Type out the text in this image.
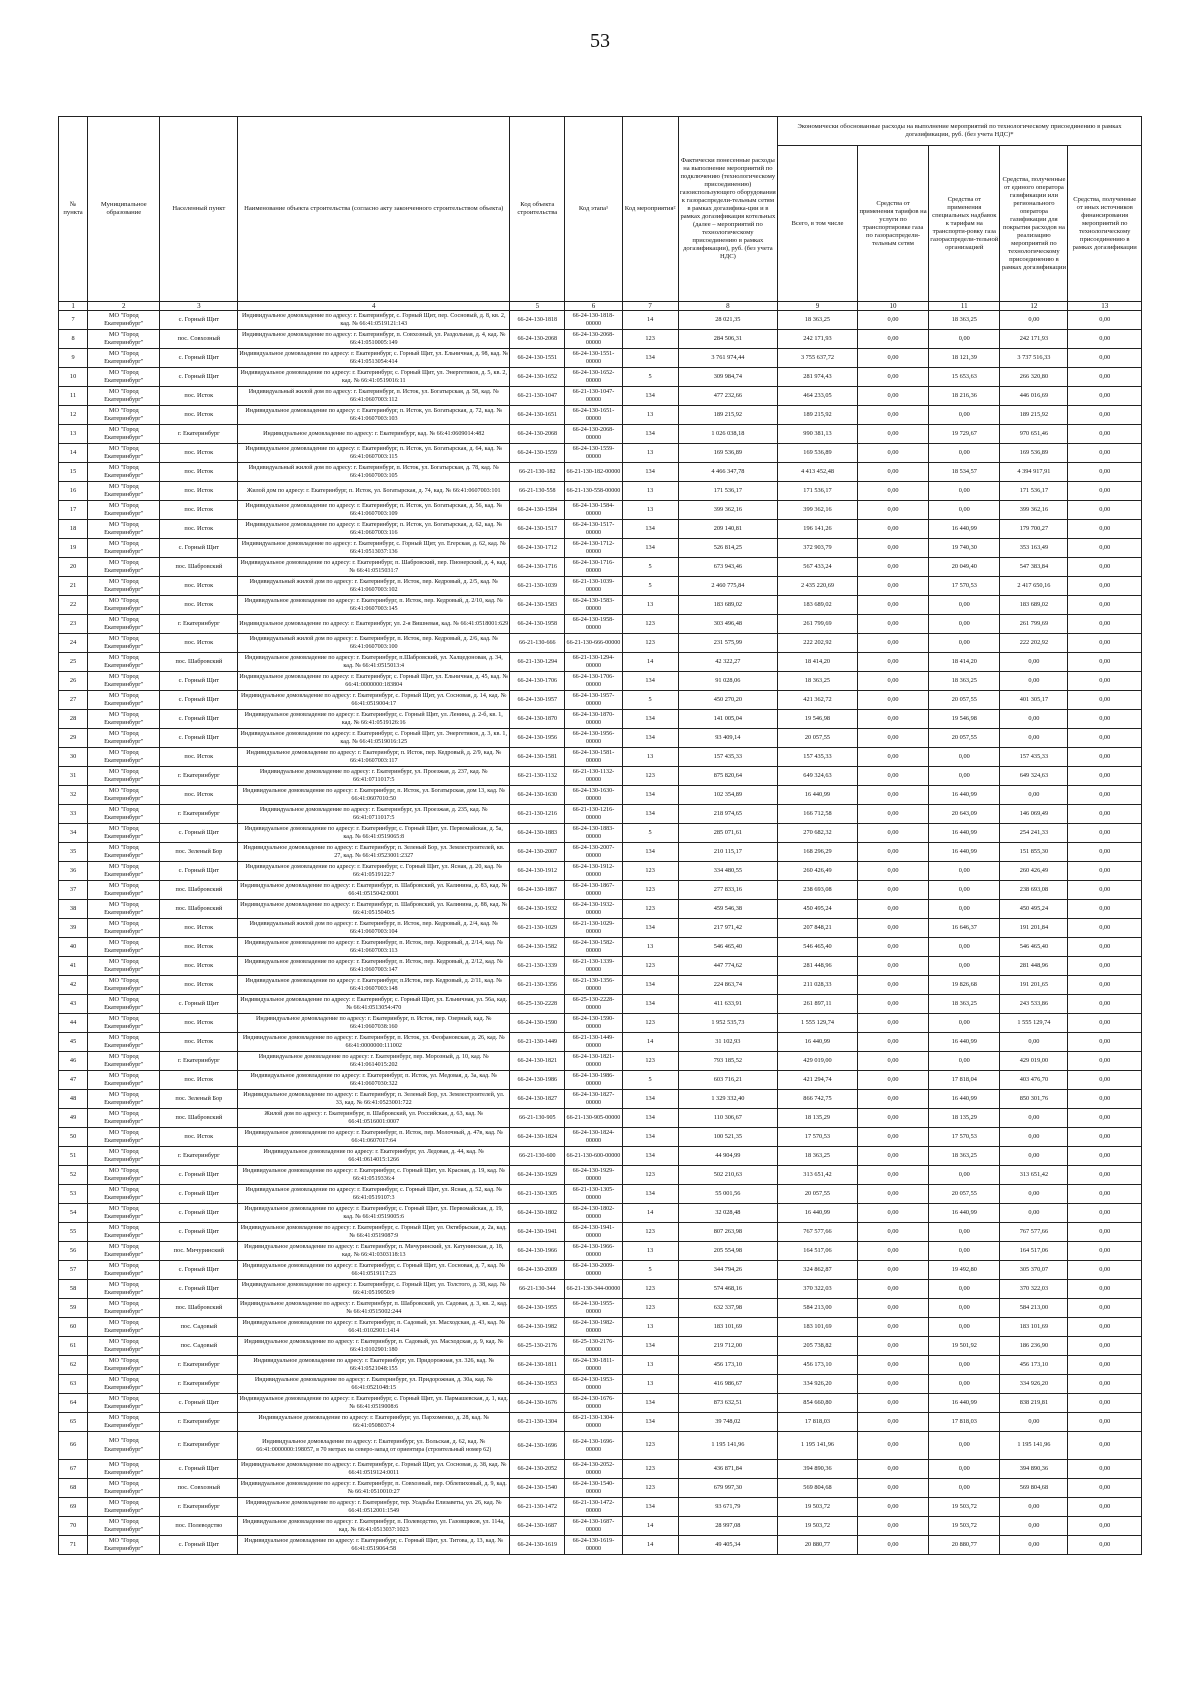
53
№ пункта	Муниципальное образование	Населенный пункт	Наименование объекта строительства (согласно акту законченного строительством объекта)	Код объекта строительства	Код этапа¹	Код мероприятия²	Фактически понесенные расходы на выполнение мероприятий по подключению (технологическому присоединению) газоиспользующего оборудования к газораспредели-тельным сетям в рамках догазифика-ции и в рамках догазификация котельных (далее – мероприятий по технологическому присоединению в рамках догазификации), руб. (без учета НДС)	Экономически обоснованные расходы на выполнение мероприятий по технологическому присоединению в рамках догазификации, руб. (без учета НДС)*				
								Всего, в том числе	Средства от применения тарифов на услуги по транспортировке газа по газораспредели-тельным сетям	Средства от применения специальных надбавок к тарифам на транспорти-ровку газа газораспредели-тельной организацией	Средства, полученные от единого оператора газификации или регионального оператора газификации для покрытия расходов на реализацию мероприятий по технологическому присоединению в рамках догазификации	Средства, полученные от иных источников финансирования мероприятий по технологическому присоединению в рамках догазификации
1	2	3	4	5	6	7	8	9	10	11	12	13
7	МО "Город Екатеринбург"	с. Горный Щит	Индивидуальное домовладение по адресу: г. Екатеринбург, с. Горный Щит, пер. Сосновый, д. 8, кв. 2, кад. № 66:41:0519121:143	66-24-130-1818	66-24-130-1818-00000	14	28 021,35	18 363,25	0,00	18 363,25	0,00	0,00
8	МО "Город Екатеринбург"	пос. Совхозный	Индивидуальное домовладение по адресу: г. Екатеринбург, п. Совхозный, ул. Раздольная, д. 4, кад. № 66:41:0510005:149	66-24-130-2068	66-24-130-2068-00000	123	284 506,31	242 171,93	0,00	0,00	242 171,93	0,00
9	МО "Город Екатеринбург"	с. Горный Щит	Индивидуальное домовладение по адресу: г. Екатеринбург, с. Горный Щит, ул. Ельничная, д. 98, кад. № 66:41:0513054:414	66-24-130-1551	66-24-130-1551-00000	134	3 761 974,44	3 755 637,72	0,00	18 121,39	3 737 516,33	0,00
10	МО "Город Екатеринбург"	с. Горный Щит	Индивидуальное домовладение по адресу: г. Екатеринбург, с. Горный Щит, ул. Энергетиков, д. 5, кв. 2, кад. № 66:41:0519016:11	66-24-130-1652	66-24-130-1652-00000	5	309 984,74	281 974,43	0,00	15 653,63	266 320,80	0,00
11	МО "Город Екатеринбург"	пос. Исток	Индивидуальный жилой дом по адресу: г. Екатеринбург, п. Исток, ул. Богатырская, д. 58, кад. № 66:41:0607003:112	66-21-130-1047	66-21-130-1047-00000	134	477 232,66	464 233,05	0,00	18 216,36	446 016,69	0,00
12	МО "Город Екатеринбург"	пос. Исток	Индивидуальное домовладение по адресу: г. Екатеринбург, п. Исток, ул. Богатырская, д. 72, кад. № 66:41:0607003:103	66-24-130-1651	66-24-130-1651-00000	13	189 215,92	189 215,92	0,00	0,00	189 215,92	0,00
13	МО "Город Екатеринбург"	г. Екатеринбург	Индивидуальное домовладение по адресу: г. Екатеринбург, кад. № 66:41:0609014:482	66-24-130-2068	66-24-130-2068-00000	134	1 026 038,18	990 381,13	0,00	19 729,67	970 651,46	0,00
14	МО "Город Екатеринбург"	пос. Исток	Индивидуальное домовладение по адресу: г. Екатеринбург, п. Исток, ул. Богатырская, д. 64, кад. № 66:41:0607003:115	66-24-130-1559	66-24-130-1559-00000	13	169 536,89	169 536,89	0,00	0,00	169 536,89	0,00
15	МО "Город Екатеринбург"	пос. Исток	Индивидуальный жилой дом по адресу: г. Екатеринбург, п. Исток, ул. Богатырская, д. 78, кад. № 66:41:0607003:105	66-21-130-182	66-21-130-182-00000	134	4 466 347,78	4 413 452,48	0,00	18 534,57	4 394 917,91	0,00
16	МО "Город Екатеринбург"	пос. Исток	Жилой дом по адресу: г. Екатеринбург, п. Исток, ул. Богатырская, д. 74, кад. № 66:41:0607003:101	66-21-130-558	66-21-130-558-00000	13	171 536,17	171 536,17	0,00	0,00	171 536,17	0,00
17	МО "Город Екатеринбург"	пос. Исток	Индивидуальное домовладение по адресу: г. Екатеринбург, п. Исток, ул. Богатырская, д. 56, кад. № 66:41:0607003:109	66-24-130-1584	66-24-130-1584-00000	13	399 362,16	399 362,16	0,00	0,00	399 362,16	0,00
18	МО "Город Екатеринбург"	пос. Исток	Индивидуальное домовладение по адресу: г. Екатеринбург, п. Исток, ул. Богатырская, д. 62, кад. № 66:41:0607003:116	66-24-130-1517	66-24-130-1517-00000	134	209 140,81	196 141,26	0,00	16 440,99	179 700,27	0,00
19	МО "Город Екатеринбург"	с. Горный Щит	Индивидуальное домовладение по адресу: г. Екатеринбург, с. Горный Щит, ул. Егерская, д. 62, кад. № 66:41:0513037:136	66-24-130-1712	66-24-130-1712-00000	134	526 814,25	372 903,79	0,00	19 740,30	353 163,49	0,00
20	МО "Город Екатеринбург"	пос. Шабровский	Индивидуальное домовладение по адресу: г. Екатеринбург, п. Шабровский, пер. Пионерский, д. 4, кад. № 66:41:0515031:7	66-24-130-1716	66-24-130-1716-00000	5	673 943,46	567 433,24	0,00	20 049,40	547 383,84	0,00
21	МО "Город Екатеринбург"	пос. Исток	Индивидуальный жилой дом по адресу: г. Екатеринбург, п. Исток, пер. Кедровый, д. 2/5, кад. № 66:41:0607003:102	66-21-130-1039	66-21-130-1039-00000	5	2 460 775,84	2 435 220,69	0,00	17 570,53	2 417 650,16	0,00
22	МО "Город Екатеринбург"	пос. Исток	Индивидуальное домовладение по адресу: г. Екатеринбург, п. Исток, пер. Кедровый, д. 2/10, кад. № 66:41:0607003:145	66-24-130-1583	66-24-130-1583-00000	13	183 689,02	183 689,02	0,00	0,00	183 689,02	0,00
23	МО "Город Екатеринбург"	г. Екатеринбург	Индивидуальное домовладение по адресу: г. Екатеринбург, ул. 2-я Вишневая, кад. № 66:41:0518001:629	66-24-130-1958	66-24-130-1958-00000	123	303 496,48	261 799,69	0,00	0,00	261 799,69	0,00
24	МО "Город Екатеринбург"	пос. Исток	Индивидуальный жилой дом по адресу: г. Екатеринбург, п. Исток, пер. Кедровый, д. 2/6, кад. № 66:41:0607003:100	66-21-130-666	66-21-130-666-00000	123	231 575,99	222 202,92	0,00	0,00	222 202,92	0,00
25	МО "Город Екатеринбург"	пос. Шабровский	Индивидуальное домовладение по адресу: г. Екатеринбург, п.Шабровский, ул. Халцедоновая, д. 34, кад. № 66:41:0515013:4	66-21-130-1294	66-21-130-1294-00000	14	42 322,27	18 414,20	0,00	18 414,20	0,00	0,00
26	МО "Город Екатеринбург"	с. Горный Щит	Индивидуальное домовладение по адресу: г. Екатеринбург, с. Горный Щит, ул. Ельничная, д. 45, кад. № 66:41:0000000:183804	66-24-130-1706	66-24-130-1706-00000	134	91 028,06	18 363,25	0,00	18 363,25	0,00	0,00
27	МО "Город Екатеринбург"	с. Горный Щит	Индивидуальное домовладение по адресу: г. Екатеринбург, с. Горный Щит, ул. Сосновая, д. 14, кад. № 66:41:0519004:17	66-24-130-1957	66-24-130-1957-00000	5	450 270,20	421 362,72	0,00	20 057,55	401 305,17	0,00
28	МО "Город Екатеринбург"	с. Горный Щит	Индивидуальное домовладение по адресу: г. Екатеринбург, с. Горный Щит, ул. Ленина, д. 2-б, кв. 1, кад. № 66:41:0519126:16	66-24-130-1870	66-24-130-1870-00000	134	141 005,04	19 546,98	0,00	19 546,98	0,00	0,00
29	МО "Город Екатеринбург"	с. Горный Щит	Индивидуальное домовладение по адресу: г. Екатеринбург, с. Горный Щит, ул. Энергетиков, д. 3, кв. 1, кад. № 66:41:0519016:125	66-24-130-1956	66-24-130-1956-00000	134	93 409,14	20 057,55	0,00	20 057,55	0,00	0,00
30	МО "Город Екатеринбург"	пос. Исток	Индивидуальное домовладение по адресу: г. Екатеринбург, п. Исток, пер. Кедровый, д. 2/9, кад. № 66:41:0607003:117	66-24-130-1581	66-24-130-1581-00000	13	157 435,33	157 435,33	0,00	0,00	157 435,33	0,00
31	МО "Город Екатеринбург"	г. Екатеринбург	Индивидуальное домовладение по адресу: г. Екатеринбург, ул. Проезжая, д. 237, кад. № 66:41:0711017:5	66-21-130-1132	66-21-130-1132-00000	123	875 820,64	649 324,63	0,00	0,00	649 324,63	0,00
32	МО "Город Екатеринбург"	пос. Исток	Индивидуальное домовладение по адресу: г. Екатеринбург, п. Исток, ул. Богатырская, дом 13, кад. № 66:41:0607010:50	66-24-130-1630	66-24-130-1630-00000	134	102 354,89	16 440,99	0,00	16 440,99	0,00	0,00
33	МО "Город Екатеринбург"	г. Екатеринбург	Индивидуальное домовладение по адресу: г. Екатеринбург, ул. Проезжая, д. 235, кад. № 66:41:0711017:5	66-21-130-1216	66-21-130-1216-00000	134	218 974,65	166 712,58	0,00	20 643,09	146 069,49	0,00
34	МО "Город Екатеринбург"	с. Горный Щит	Индивидуальное домовладение по адресу: г. Екатеринбург, с. Горный Щит, ул. Первомайская, д. 5а, кад. № 66:41:0519065:8	66-24-130-1883	66-24-130-1883-00000	5	285 071,61	270 682,32	0,00	16 440,99	254 241,33	0,00
35	МО "Город Екатеринбург"	пос. Зеленый Бор	Индивидуальное домовладение по адресу: г. Екатеринбург, п. Зеленый Бор, ул. Землестроителей, кв. 27, кад. № 66:41:0523001:2327	66-24-130-2007	66-24-130-2007-00000	134	210 115,17	168 296,29	0,00	16 440,99	151 855,30	0,00
36	МО "Город Екатеринбург"	с. Горный Щит	Индивидуальное домовладение по адресу: г. Екатеринбург, с. Горный Щит, ул. Ясная, д. 20, кад. № 66:41:0519122:7	66-24-130-1912	66-24-130-1912-00000	123	334 480,55	260 426,49	0,00	0,00	260 426,49	0,00
37	МО "Город Екатеринбург"	пос. Шабровский	Индивидуальное домовладение по адресу: г. Екатеринбург, п. Шабровский, ул. Калинина, д. 83, кад. № 66:41:0515042:0001	66-24-130-1867	66-24-130-1867-00000	123	277 833,16	238 693,08	0,00	0,00	238 693,08	0,00
38	МО "Город Екатеринбург"	пос. Шабровский	Индивидуальное домовладение по адресу: г. Екатеринбург, п. Шабровский, ул. Калинина, д. 88, кад. № 66:41:0515040:5	66-24-130-1932	66-24-130-1932-00000	123	459 546,38	450 495,24	0,00	0,00	450 495,24	0,00
39	МО "Город Екатеринбург"	пос. Исток	Индивидуальный жилой дом по адресу: г. Екатеринбург, п. Исток, пер. Кедровый, д. 2/4, кад. № 66:41:0607003:104	66-21-130-1029	66-21-130-1029-00000	134	217 971,42	207 848,21	0,00	16 646,37	191 201,84	0,00
40	МО "Город Екатеринбург"	пос. Исток	Индивидуальное домовладение по адресу: г. Екатеринбург, п. Исток, пер. Кедровый, д. 2/14, кад. № 66:41:0607003:113	66-24-130-1582	66-24-130-1582-00000	13	546 465,40	546 465,40	0,00	0,00	546 465,40	0,00
41	МО "Город Екатеринбург"	пос. Исток	Индивидуальное домовладение по адресу: г. Екатеринбург, п. Исток, пер. Кедровый, д. 2/12, кад. № 66:41:0607003:147	66-21-130-1339	66-21-130-1339-00000	123	447 774,62	281 448,96	0,00	0,00	281 448,96	0,00
42	МО "Город Екатеринбург"	пос. Исток	Индивидуальное домовладение по адресу: г. Екатеринбург, п.Исток, пер. Кедровый, д. 2/11, кад. № 66:41:0607003:148	66-21-130-1356	66-21-130-1356-00000	134	224 863,74	211 028,33	0,00	19 826,68	191 201,65	0,00
43	МО "Город Екатеринбург"	с. Горный Щит	Индивидуальное домовладение по адресу: г. Екатеринбург, с. Горный Щит, ул. Ельничная, ул. 56а, кад. № 66:41:0513054:470	66-25-130-2228	66-25-130-2228-00000	134	411 633,91	261 897,11	0,00	18 363,25	243 533,86	0,00
44	МО "Город Екатеринбург"	пос. Исток	Индивидуальное домовладение по адресу: г. Екатеринбург, п. Исток, пер. Озерный, кад. № 66:41:0607038:160	66-24-130-1590	66-24-130-1590-00000	123	1 952 535,73	1 555 129,74	0,00	0,00	1 555 129,74	0,00
45	МО "Город Екатеринбург"	пос. Исток	Индивидуальное домовладение по адресу: г. Екатеринбург, п. Исток, ул. Феофановская, д. 26, кад. № 66:41:0000000:111002	66-21-130-1449	66-21-130-1449-00000	14	31 102,93	16 440,99	0,00	16 440,99	0,00	0,00
46	МО "Город Екатеринбург"	г. Екатеринбург	Индивидуальное домовладение по адресу: г. Екатеринбург, пер. Морозный, д. 10, кад. № 66:41:0614015:202	66-24-130-1821	66-24-130-1821-00000	123	793 185,52	429 019,00	0,00	0,00	429 019,00	0,00
47	МО "Город Екатеринбург"	пос. Исток	Индивидуальное домовладение по адресу: г. Екатеринбург, п. Исток, ул. Медовая, д. 3а, кад. № 66:41:0607030:322	66-24-130-1986	66-24-130-1986-00000	5	603 716,21	421 294,74	0,00	17 818,04	403 476,70	0,00
48	МО "Город Екатеринбург"	пос. Зеленый Бор	Индивидуальное домовладение по адресу: г. Екатеринбург, п. Зеленый Бор, ул. Землестроителей, ул. 33, кад. № 66:41:0523001:722	66-24-130-1827	66-24-130-1827-00000	134	1 329 332,40	866 742,75	0,00	16 440,99	850 301,76	0,00
49	МО "Город Екатеринбург"	пос. Шабровский	Жилой дом по адресу: г. Екатеринбург, п. Шабровский, ул. Российская, д. 63, кад. № 66:41:0516001:0007	66-21-130-905	66-21-130-905-00000	134	110 306,67	18 135,29	0,00	18 135,29	0,00	0,00
50	МО "Город Екатеринбург"	пос. Исток	Индивидуальное домовладение по адресу: г. Екатеринбург, п. Исток, пер. Молочный, д. 47в, кад. № 66:41:0607017:64	66-24-130-1824	66-24-130-1824-00000	134	100 521,35	17 570,53	0,00	17 570,53	0,00	0,00
51	МО "Город Екатеринбург"	г. Екатеринбург	Индивидуальное домовладение по адресу: г. Екатеринбург, ул. Ледовая, д. 44, кад. № 66:41:0614015:1266	66-21-130-600	66-21-130-600-00000	134	44 904,99	18 363,25	0,00	18 363,25	0,00	0,00
52	МО "Город Екатеринбург"	с. Горный Щит	Индивидуальное домовладение по адресу: г. Екатеринбург, с. Горный Щит, ул. Красная, д. 19, кад. № 66:41:0519336:4	66-24-130-1929	66-24-130-1929-00000	123	502 210,63	313 651,42	0,00	0,00	313 651,42	0,00
53	МО "Город Екатеринбург"	с. Горный Щит	Индивидуальное домовладение по адресу: г. Екатеринбург, с. Горный Щит, ул. Ясная, д. 52, кад. № 66:41:0519107:3	66-21-130-1305	66-21-130-1305-00000	134	55 001,56	20 057,55	0,00	20 057,55	0,00	0,00
54	МО "Город Екатеринбург"	с. Горный Щит	Индивидуальное домовладение по адресу: г. Екатеринбург, с. Горный Щит, ул. Первомайская, д. 19, кад. № 66:41:0519005:6	66-24-130-1802	66-24-130-1802-00000	14	32 028,48	16 440,99	0,00	16 440,99	0,00	0,00
55	МО "Город Екатеринбург"	с. Горный Щит	Индивидуальное домовладение по адресу: г. Екатеринбург, с. Горный Щит, ул. Октябрьская, д. 2а, кад. № 66:41:0519087:9	66-24-130-1941	66-24-130-1941-00000	123	807 263,98	767 577,66	0,00	0,00	767 577,66	0,00
56	МО "Город Екатеринбург"	пос. Мичуринский	Индивидуальное домовладение по адресу: г. Екатеринбург, п. Мичуринский, ул. Катунинская, д. 18, кад. № 66:41:0303118:13	66-24-130-1966	66-24-130-1966-00000	13	205 554,98	164 517,06	0,00	0,00	164 517,06	0,00
57	МО "Город Екатеринбург"	с. Горный Щит	Индивидуальное домовладение по адресу: г. Екатеринбург, с. Горный Щит, ул. Сосновая, д. 7, кад. № 66:41:0519117:23	66-24-130-2009	66-24-130-2009-00000	5	344 794,26	324 862,87	0,00	19 492,80	305 370,07	0,00
58	МО "Город Екатеринбург"	с. Горный Щит	Индивидуальное домовладение по адресу: г. Екатеринбург, с. Горный Щит, ул. Толстого, д. 38, кад. № 66:41:0519050:9	66-21-130-344	66-21-130-344-00000	123	574 468,16	370 322,03	0,00	0,00	370 322,03	0,00
59	МО "Город Екатеринбург"	пос. Шабровский	Индивидуальное домовладение по адресу: г. Екатеринбург, п. Шабровский, ул. Садовая, д. 3, кв. 2, кад. № 66:41:0515002:244	66-24-130-1955	66-24-130-1955-00000	123	632 337,98	584 213,00	0,00	0,00	584 213,00	0,00
60	МО "Город Екатеринбург"	пос. Садовый	Индивидуальное домовладение по адресу: г. Екатеринбург, п. Садовый, ул. Масходская, д. 43, кад. № 66:41:0102901:1414	66-24-130-1982	66-24-130-1982-00000	13	183 101,69	183 101,69	0,00	0,00	183 101,69	0,00
61	МО "Город Екатеринбург"	пос. Садовый	Индивидуальное домовладение по адресу: г. Екатеринбург, п. Садовый, ул. Масходская, д. 9, кад. № 66:41:0102901:180	66-25-130-2176	66-25-130-2176-00000	134	219 712,00	205 738,82	0,00	19 501,92	186 236,90	0,00
62	МО "Город Екатеринбург"	г. Екатеринбург	Индивидуальное домовладение по адресу: г. Екатеринбург, ул. Придорожная, ул. 326, кад. № 66:41:0521048:155	66-24-130-1811	66-24-130-1811-00000	13	456 173,10	456 173,10	0,00	0,00	456 173,10	0,00
63	МО "Город Екатеринбург"	г. Екатеринбург	Индивидуальное домовладение по адресу: г. Екатеринбург, ул. Придорожная, д. 30а, кад. № 66:41:0521048:15	66-24-130-1953	66-24-130-1953-00000	13	416 986,67	334 926,20	0,00	0,00	334 926,20	0,00
64	МО "Город Екатеринбург"	с. Горный Щит	Индивидуальное домовладение по адресу: г. Екатеринбург, с. Горный Щит, ул. Пармашевская, д. 1, кад. № 66:41:0519008:6	66-24-130-1676	66-24-130-1676-00000	134	873 632,51	854 660,80	0,00	16 440,99	838 219,81	0,00
65	МО "Город Екатеринбург"	г. Екатеринбург	Индивидуальное домовладение по адресу: г. Екатеринбург, ул. Пархоменко, д. 28, кад. № 66:41:0508037:4	66-21-130-1304	66-21-130-1304-00000	134	39 748,02	17 818,03	0,00	17 818,03	0,00	0,00
66	МО "Город Екатеринбург"	г. Екатеринбург	Индивидуальное домовладение по адресу: г. Екатеринбург, ул. Вольская, д. 62, кад. № 66:41:0000000:198057, в 70 метрах на северо-запад от ориентира (строительный номер 62)	66-24-130-1696	66-24-130-1696-00000	123	1 195 141,96	1 195 141,96	0,00	0,00	1 195 141,96	0,00
67	МО "Город Екатеринбург"	с. Горный Щит	Индивидуальное домовладение по адресу: г. Екатеринбург, с. Горный Щит, ул. Сосновая, д. 38, кад. № 66:41:0519124:0011	66-24-130-2052	66-24-130-2052-00000	123	436 871,84	394 890,36	0,00	0,00	394 890,36	0,00
68	МО "Город Екатеринбург"	пос. Совхозный	Индивидуальное домовладение по адресу: г. Екатеринбург, п. Совхозный, пер. Облепиховый, д. 9, кад. № 66:41:0510010:27	66-24-130-1540	66-24-130-1540-00000	123	679 997,30	569 804,68	0,00	0,00	569 804,68	0,00
69	МО "Город Екатеринбург"	г. Екатеринбург	Индивидуальное домовладение по адресу: г. Екатеринбург, тер. Усадьбы Елизаветы, ул. 26, кад. № 66:41:0512001:1549	66-21-130-1472	66-21-130-1472-00000	134	93 671,79	19 503,72	0,00	19 503,72	0,00	0,00
70	МО "Город Екатеринбург"	пос. Полеводство	Индивидуальное домовладение по адресу: г. Екатеринбург, п. Полеводство, ул. Газовщиков, ул. 114а, кад. № 66:41:0513037:1023	66-24-130-1687	66-24-130-1687-00000	14	28 997,08	19 503,72	0,00	19 503,72	0,00	0,00
71	МО "Город Екатеринбург"	с. Горный Щит	Индивидуальное домовладение по адресу: г. Екатеринбург, с. Горный Щит, ул. Титова, д. 13, кад. № 66:41:0519064:58	66-24-130-1619	66-24-130-1619-00000	14	49 405,34	20 880,77	0,00	20 880,77	0,00	0,00
